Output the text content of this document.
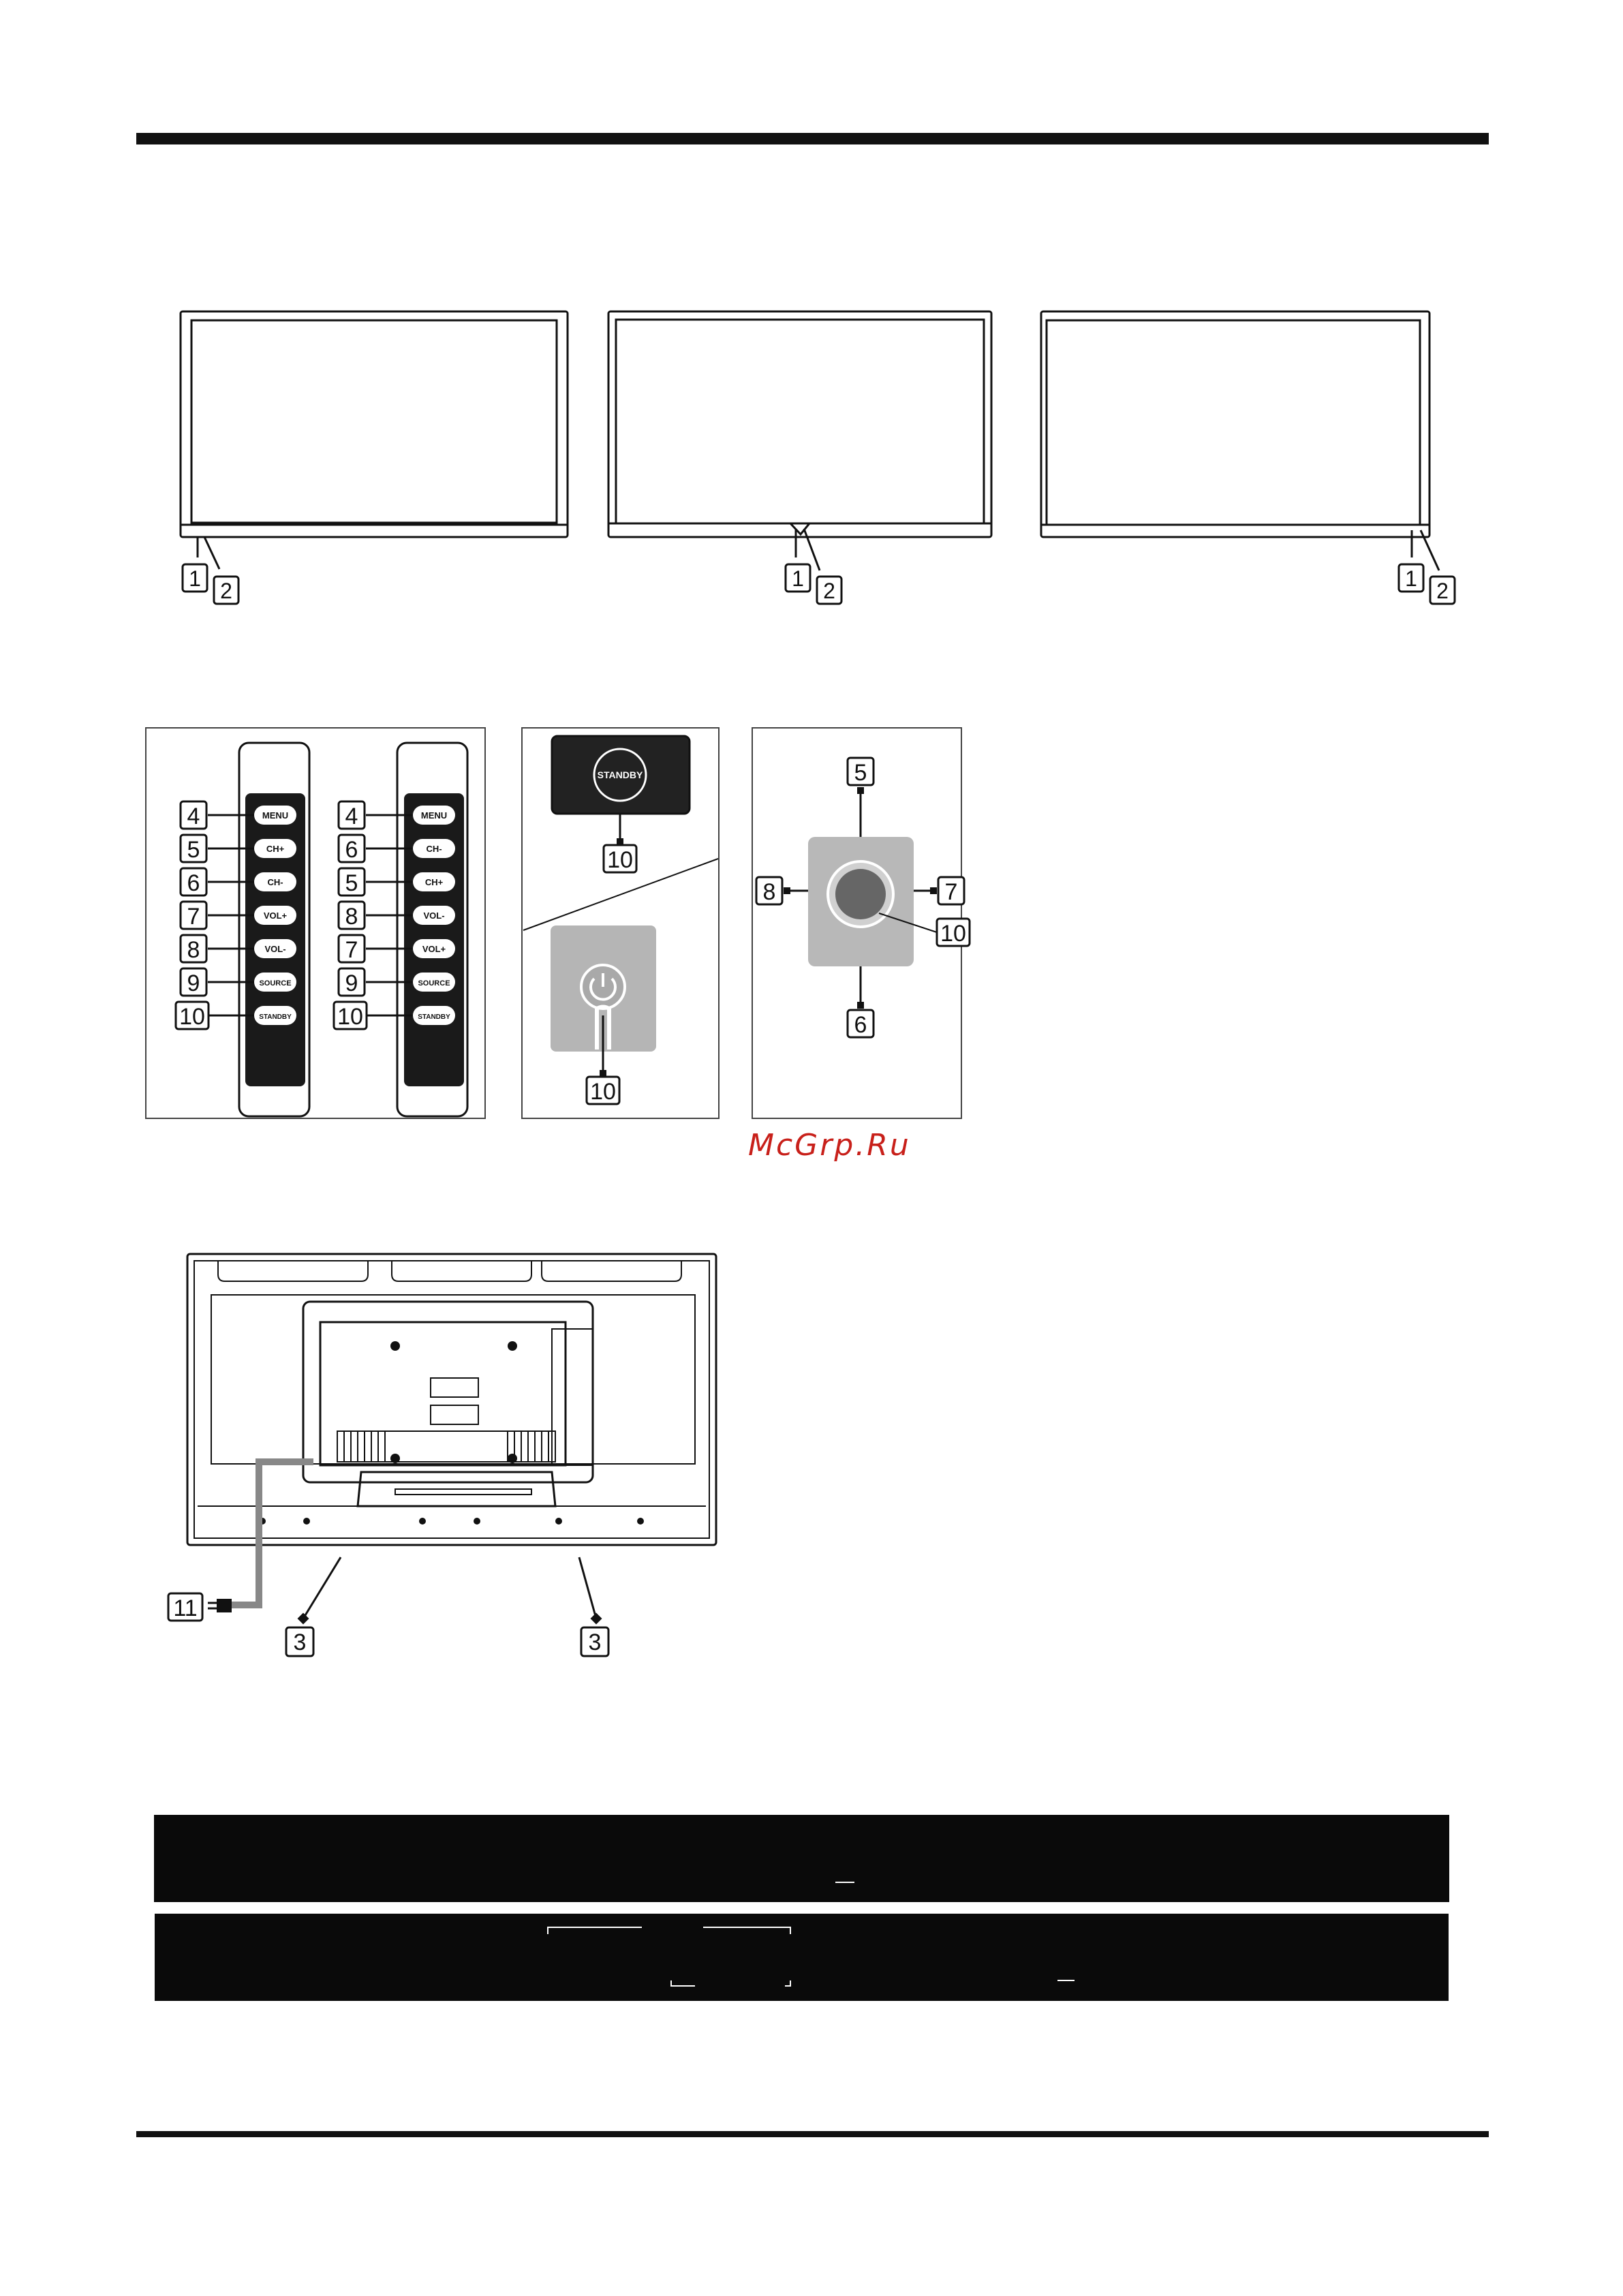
1 2	1 2	1 2
MENU
CH+
CH-
VOL+
VOL-
SOURCE
STANDBY
MENU
CH-
CH+
VOL-
VOL+
SOURCE
STANDBY
STANDBY
4
5
6
7
8
9
10
4
6
5
8
7
9
10
10
10
5
8	7
6
10
McGrp.Ru
11
3	3
